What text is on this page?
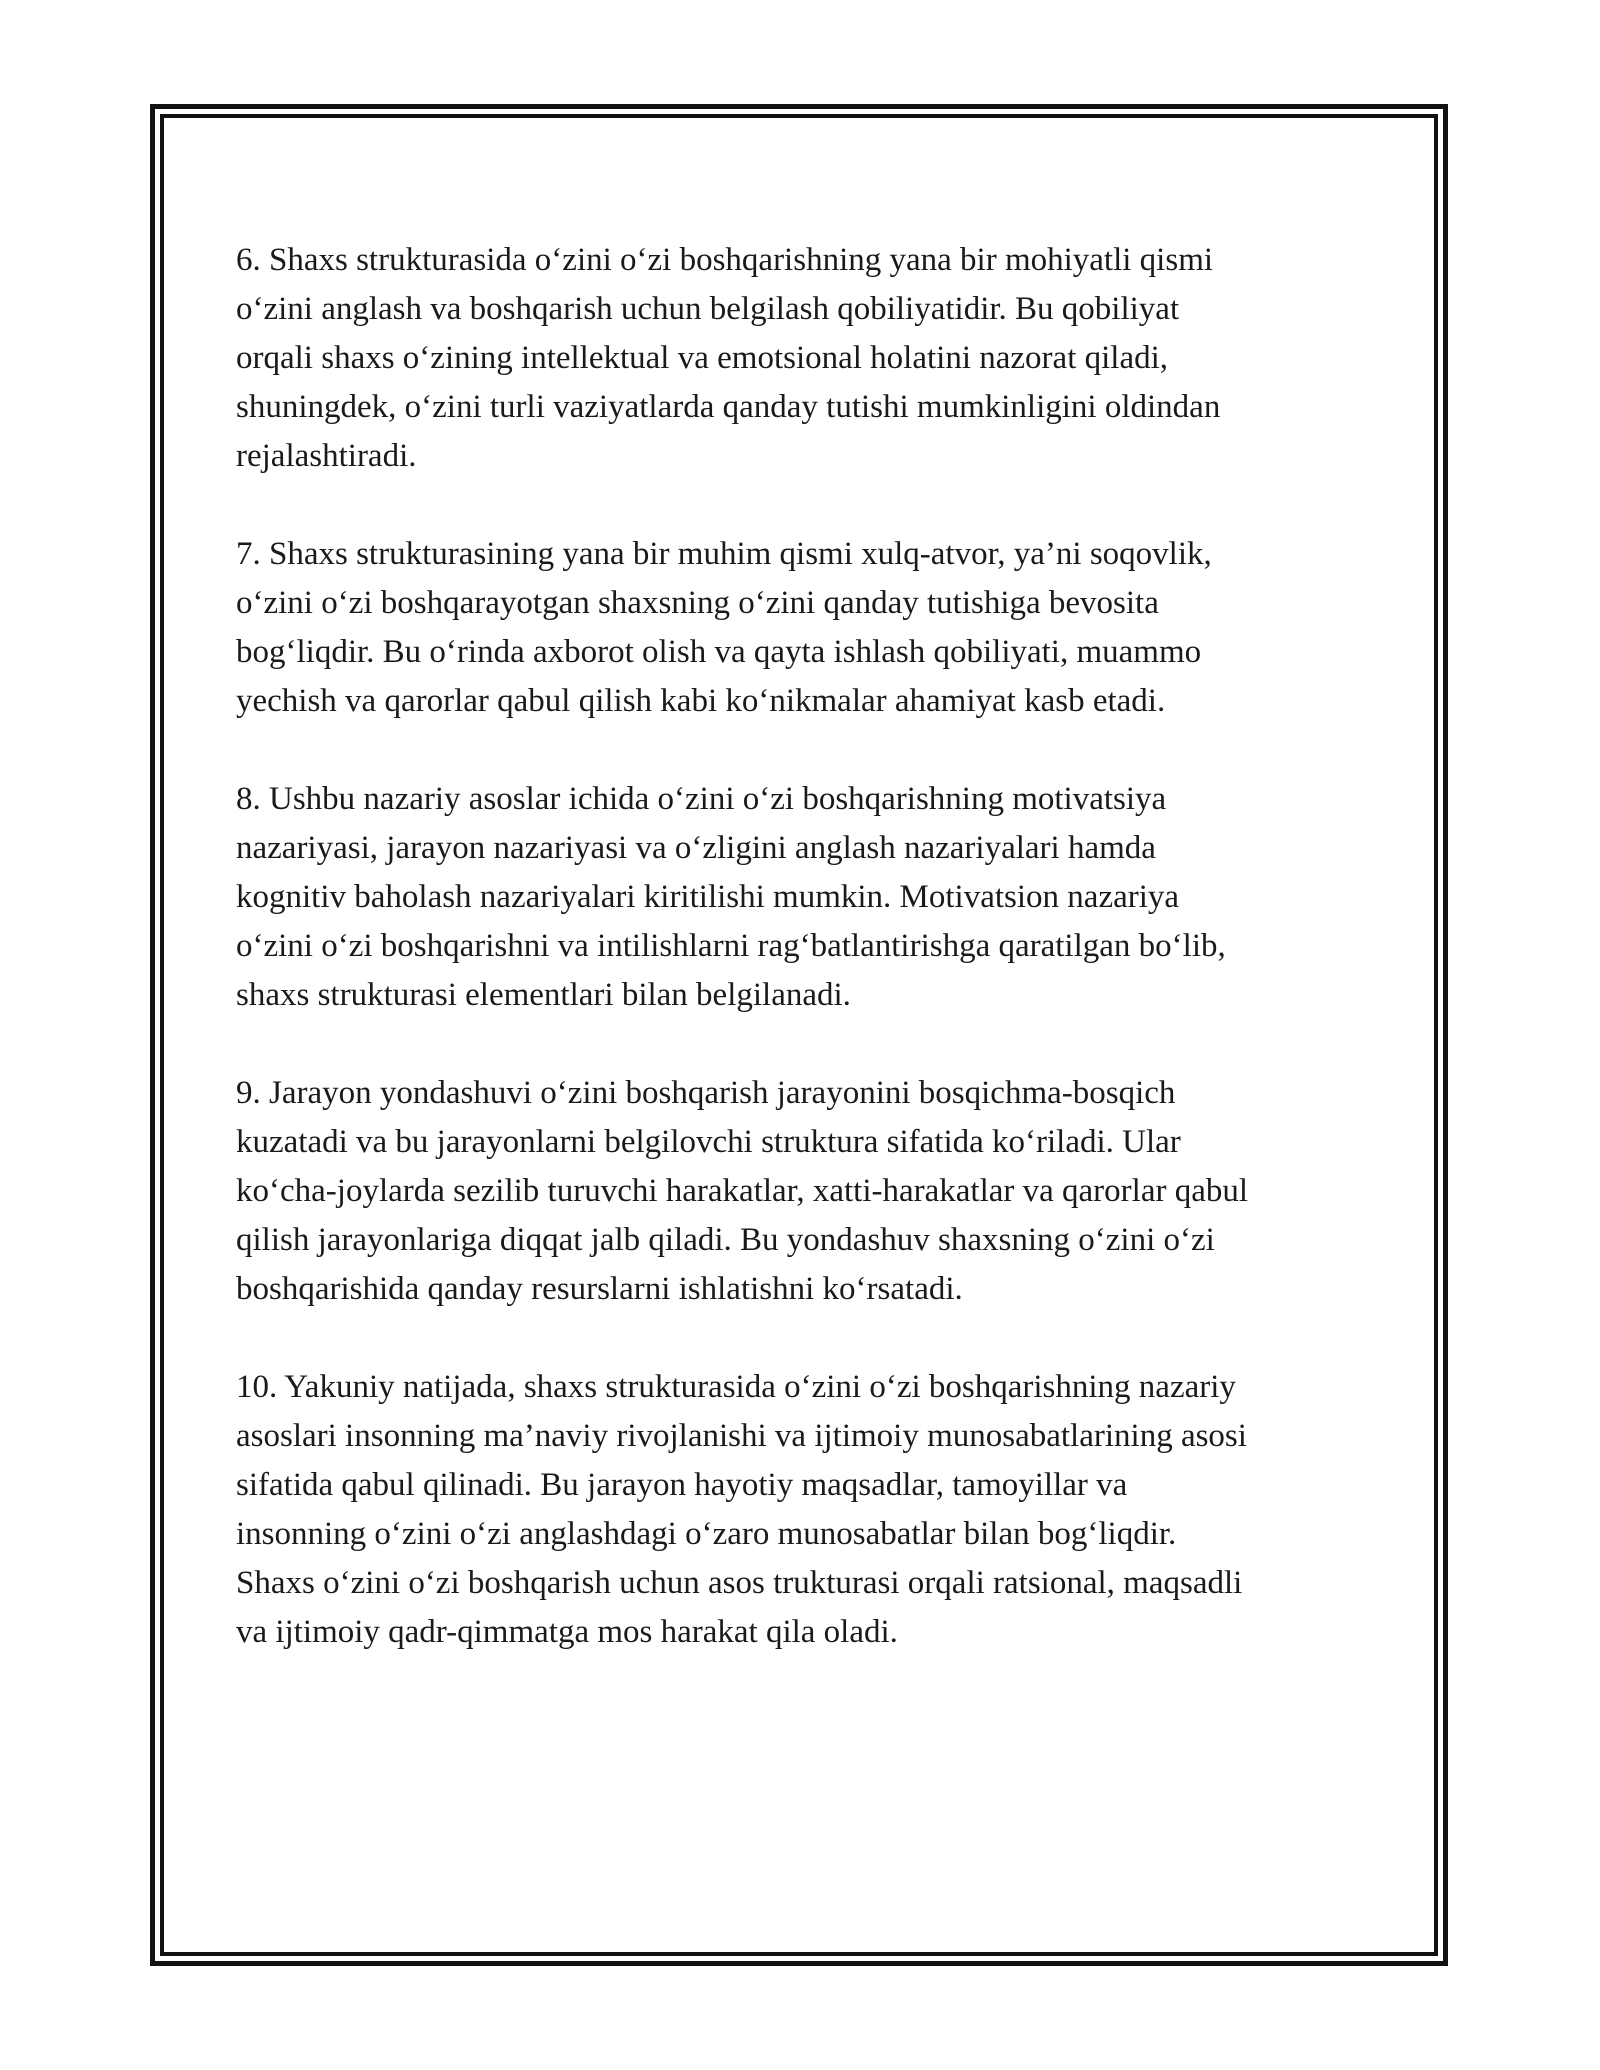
6. Shaxs strukturasida oʻzini oʻzi boshqarishning yana bir mohiyatli qismi
oʻzini anglash va boshqarish uchun belgilash qobiliyatidir. Bu qobiliyat
orqali shaxs oʻzining intellektual va emotsional holatini nazorat qiladi,
shuningdek, oʻzini turli vaziyatlarda qanday tutishi mumkinligini oldindan
rejalashtiradi.

7. Shaxs strukturasining yana bir muhim qismi xulq-atvor, ya’ni soqovlik,
oʻzini oʻzi boshqarayotgan shaxsning oʻzini qanday tutishiga bevosita
bogʻliqdir. Bu oʻrinda axborot olish va qayta ishlash qobiliyati, muammo
yechish va qarorlar qabul qilish kabi koʻnikmalar ahamiyat kasb etadi.

8. Ushbu nazariy asoslar ichida oʻzini oʻzi boshqarishning motivatsiya
nazariyasi, jarayon nazariyasi va oʻzligini anglash nazariyalari hamda
kognitiv baholash nazariyalari kiritilishi mumkin. Motivatsion nazariya
oʻzini oʻzi boshqarishni va intilishlarni ragʻbatlantirishga qaratilgan boʻlib,
shaxs strukturasi elementlari bilan belgilanadi.

9. Jarayon yondashuvi oʻzini boshqarish jarayonini bosqichma-bosqich
kuzatadi va bu jarayonlarni belgilovchi struktura sifatida koʻriladi. Ular
koʻcha-joylarda sezilib turuvchi harakatlar, xatti-harakatlar va qarorlar qabul
qilish jarayonlariga diqqat jalb qiladi. Bu yondashuv shaxsning oʻzini oʻzi
boshqarishida qanday resurslarni ishlatishni koʻrsatadi.

10. Yakuniy natijada, shaxs strukturasida oʻzini oʻzi boshqarishning nazariy
asoslari insonning ma’naviy rivojlanishi va ijtimoiy munosabatlarining asosi
sifatida qabul qilinadi. Bu jarayon hayotiy maqsadlar, tamoyillar va
insonning oʻzini oʻzi anglashdagi oʻzaro munosabatlar bilan bogʻliqdir.
Shaxs oʻzini oʻzi boshqarish uchun asos trukturasi orqali ratsional, maqsadli
va ijtimoiy qadr-qimmatga mos harakat qila oladi.
